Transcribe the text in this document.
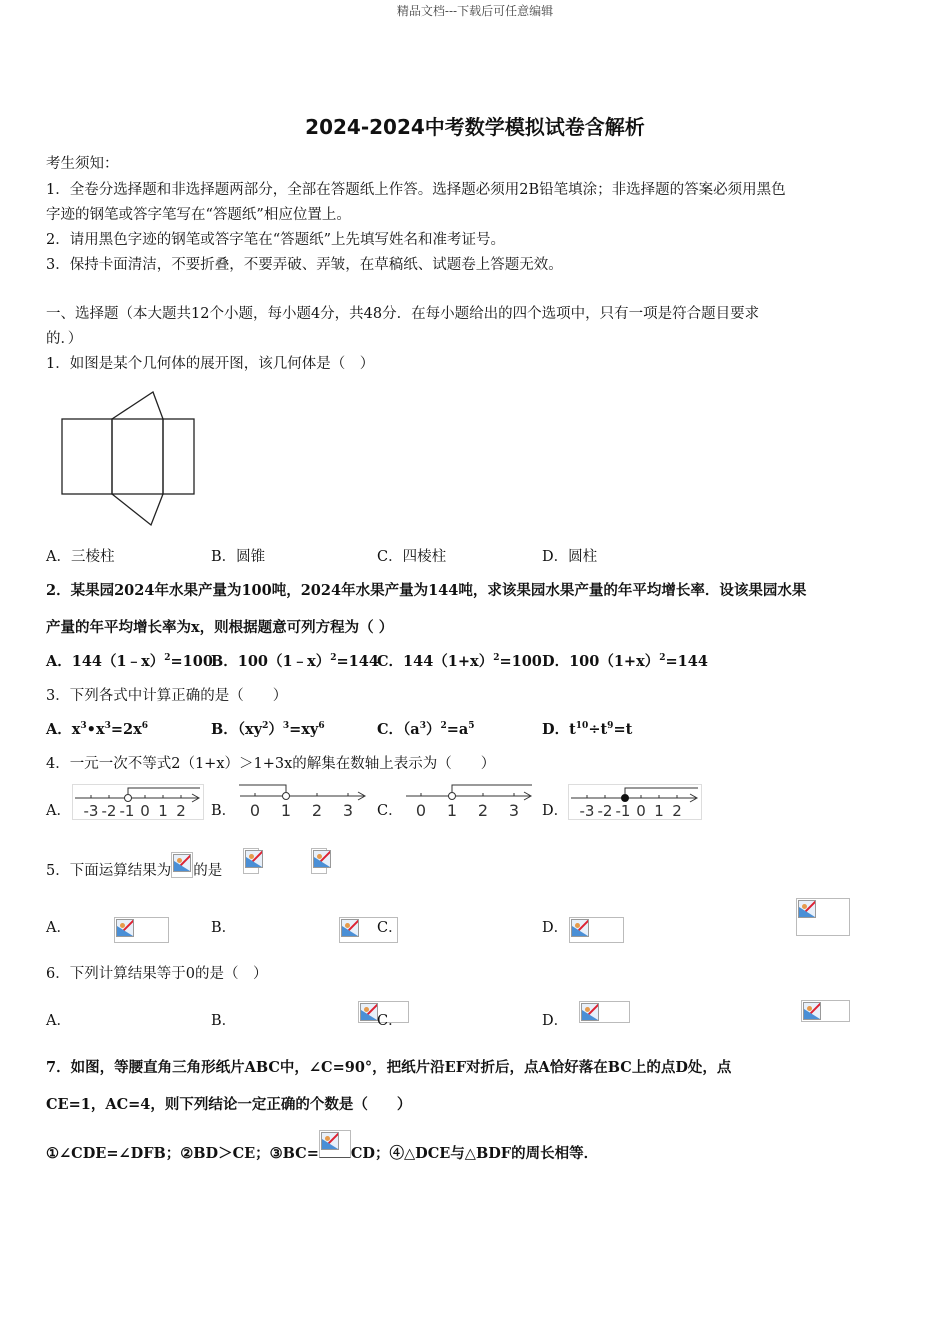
精品文档---下载后可任意编辑
2024-2024中考数学模拟试卷含解析
考生须知：
1．全卷分选择题和非选择题两部分，全部在答题纸上作答。选择题必须用2B铅笔填涂；非选择题的答案必须用黑色
字迹的钢笔或答字笔写在“答题纸”相应位置上。
2．请用黑色字迹的钢笔或答字笔在“答题纸”上先填写姓名和准考证号。
3．保持卡面清洁，不要折叠，不要弄破、弄皱，在草稿纸、试题卷上答题无效。
一、选择题（本大题共12个小题，每小题4分，共48分．在每小题给出的四个选项中，只有一项是符合题目要求
的．）
1．如图是某个几何体的展开图，该几何体是（　）
A．三棱柱	B．圆锥	C．四棱柱	D．圆柱
2．某果园2024年水果产量为100吨，2024年水果产量为144吨，求该果园水果产量的年平均增长率．设该果园水果
产量的年平均增长率为x，则根据题意可列方程为（ ）
A．144（1﹣x）$^2$=100
B．100（1﹣x）$^2$=144
C．$144(1+x)^2=100$ D．$100(1+x)^2=144$
3．下列各式中计算正确的是（　　）
A．$x^3•x^3=2x^6$	B．$(xy^2)^3=xy^6$	C．$(a^3)^2=a^5$	D．$t^{10}\div t^9=t$
4．一元一次不等式2（1+x）＞1+3x的解集在数轴上表示为（　　）
A．	B．	C．	D．
-3 -2 -1 0 1 2	0 1 2 3	0 1 2 3	-3 -2 -1 0 1 2
5．下面运算结果为 的是

A．
	B．
	C．
	D．

6．下列计算结果等于0的是（　）
A．
	B．
	C．
	D．
7．如图，等腰直角三角形纸片ABC中，∠C=90°，把纸片沿EF对折后，点A恰好落在BC上的点D处，点
CE=1，AC=4，则下列结论一定正确的个数是（　　）
①∠CDE=∠DFB；②BD＞CE；③BC= CD；④△DCE与△BDF的周长相等．
